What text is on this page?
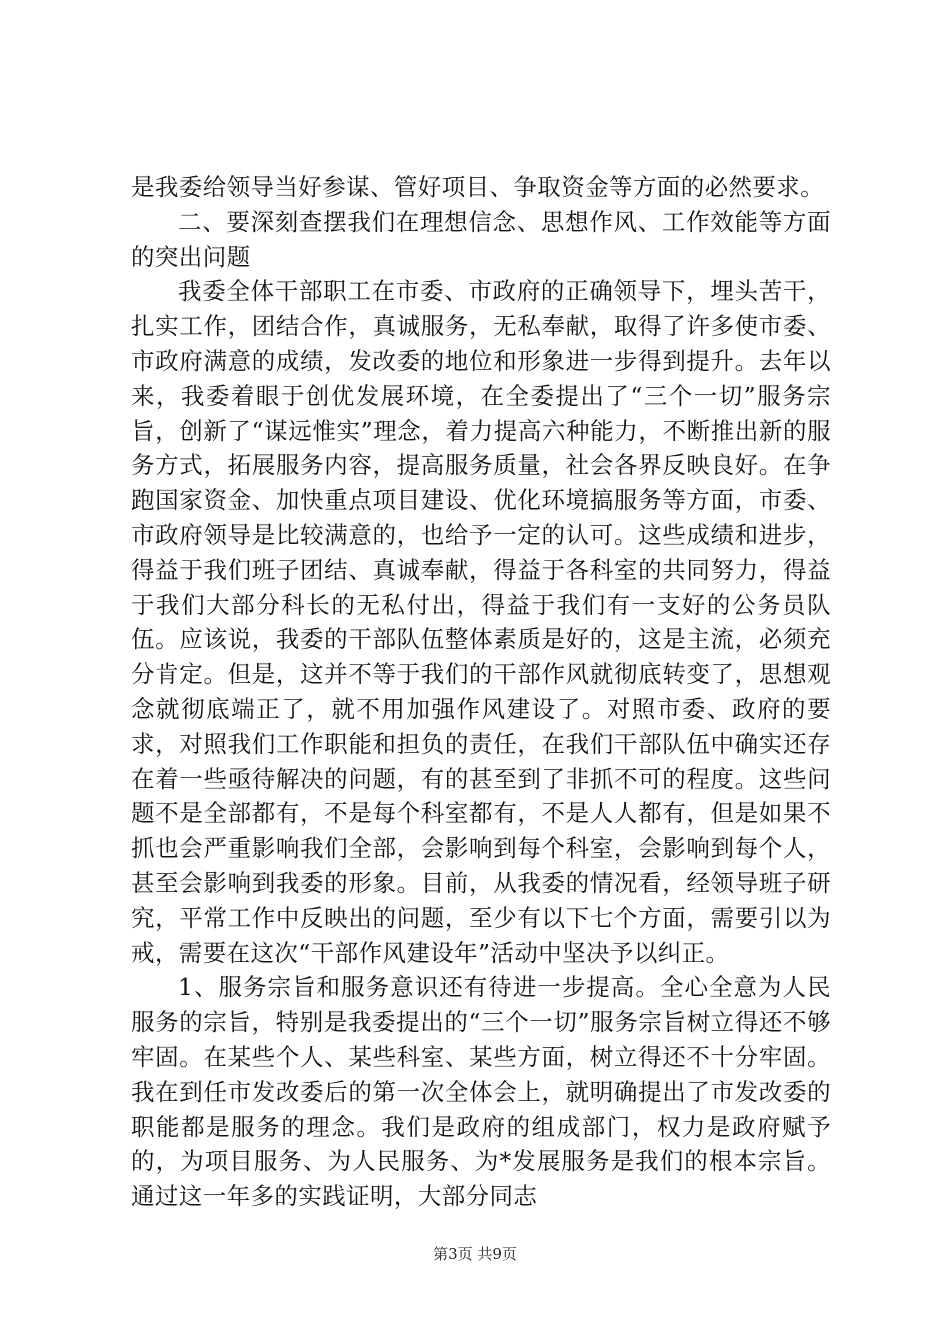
是我委给领导当好参谋、管好项目、争取资金等方面的必然要求。

二、要深刻查摆我们在理想信念、思想作风、工作效能等方面的突出问题

我委全体干部职工在市委、市政府的正确领导下，埋头苦干，扎实工作，团结合作，真诚服务，无私奉献，取得了许多使市委、市政府满意的成绩，发改委的地位和形象进一步得到提升。去年以来，我委着眼于创优发展环境，在全委提出了“三个一切”服务宗旨，创新了“谋远惟实”理念，着力提高六种能力，不断推出新的服务方式，拓展服务内容，提高服务质量，社会各界反映良好。在争跑国家资金、加快重点项目建设、优化环境搞服务等方面，市委、市政府领导是比较满意的，也给予一定的认可。这些成绩和进步，得益于我们班子团结、真诚奉献，得益于各科室的共同努力，得益于我们大部分科长的无私付出，得益于我们有一支好的公务员队伍。应该说，我委的干部队伍整体素质是好的，这是主流，必须充分肯定。但是，这并不等于我们的干部作风就彻底转变了，思想观念就彻底端正了，就不用加强作风建设了。对照市委、政府的要求，对照我们工作职能和担负的责任，在我们干部队伍中确实还存在着一些亟待解决的问题，有的甚至到了非抓不可的程度。这些问题不是全部都有，不是每个科室都有，不是人人都有，但是如果不抓也会严重影响我们全部，会影响到每个科室，会影响到每个人，甚至会影响到我委的形象。目前，从我委的情况看，经领导班子研究，平常工作中反映出的问题，至少有以下七个方面，需要引以为戒，需要在这次“干部作风建设年”活动中坚决予以纠正。

1、服务宗旨和服务意识还有待进一步提高。全心全意为人民服务的宗旨，特别是我委提出的“三个一切”服务宗旨树立得还不够牢固。在某些个人、某些科室、某些方面，树立得还不十分牢固。我在到任市发改委后的第一次全体会上，就明确提出了市发改委的职能都是服务的理念。我们是政府的组成部门，权力是政府赋予的，为项目服务、为人民服务、为*发展服务是我们的根本宗旨。通过这一年多的实践证明，大部分同志

第3页 共9页
